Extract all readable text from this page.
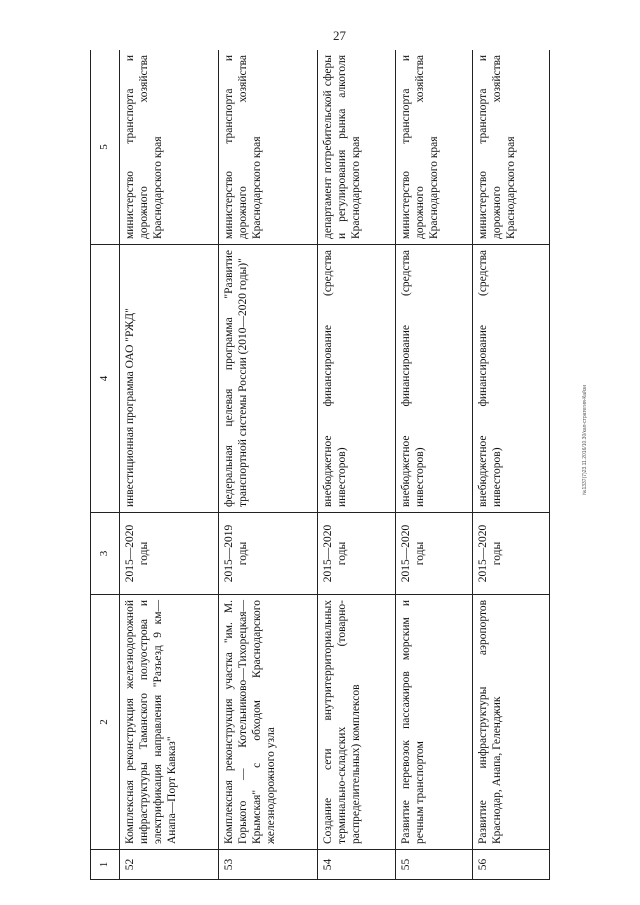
27
№1337(7)23.11.2016/10.30/кап-стратегия-Кайзи
1	2	3	4	5
52	Комплексная реконструкция железнодорожной инфраструктуры Таманского полуострова и электрификация направления "Разъезд 9 км—Анапа—Порт Кавказ"	2015—2020 годы	инвестиционная программа ОАО "РЖД"	министерство транспорта и дорожного хозяйства Краснодарского края
53	Комплексная реконструкция участка "им. М. Горького — Котельниково—Тихорецкая—Крымская" с обходом Краснодарского железнодорожного узла	2015—2019 годы	федеральная целевая программа "Развитие транспортной системы России (2010—2020 годы)"	министерство транспорта и дорожного хозяйства Краснодарского края
54	Создание сети внутритерриториальных терминально-складских (товарно-распределительных) комплексов	2015—2020 годы	внебюджетное финансирование (средства инвесторов)	департамент потребительской сферы и регулирования рынка алкоголя Краснодарского края
55	Развитие перевозок пассажиров морским и речным транспортом	2015—2020 годы	внебюджетное финансирование (средства инвесторов)	министерство транспорта и дорожного хозяйства Краснодарского края
56	Развитие инфраструктуры аэропортов Краснодар, Анапа, Геленджик	2015—2020 годы	внебюджетное финансирование (средства инвесторов)	министерство транспорта и дорожного хозяйства Краснодарского края
